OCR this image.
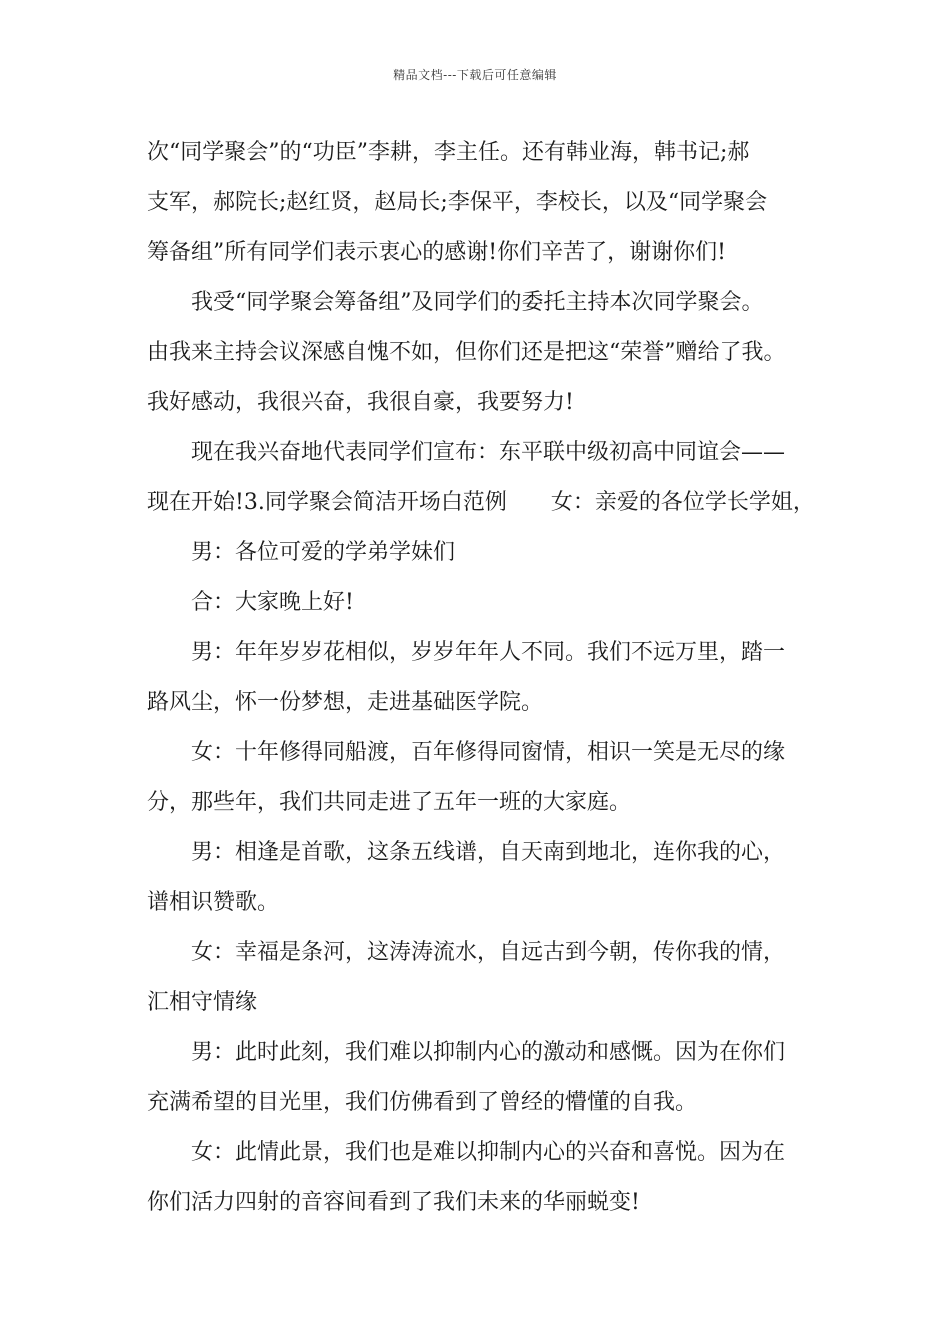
精品文档---下载后可任意编辑
次“同学聚会”的“功臣”李耕，李主任。还有韩业海，韩书记;郝
支军，郝院长;赵红贤，赵局长;李保平，李校长，以及“同学聚会
筹备组”所有同学们表示衷心的感谢!你们辛苦了，谢谢你们!
我受“同学聚会筹备组”及同学们的委托主持本次同学聚会。
由我来主持会议深感自愧不如，但你们还是把这“荣誉”赠给了我。
我好感动，我很兴奋，我很自豪，我要努力!
现在我兴奋地代表同学们宣布：东平联中级初高中同谊会——
现在开始!3.同学聚会简洁开场白范例　　女：亲爱的各位学长学姐，
男：各位可爱的学弟学妹们
合：大家晚上好!
男：年年岁岁花相似，岁岁年年人不同。我们不远万里，踏一
路风尘，怀一份梦想，走进基础医学院。
女：十年修得同船渡，百年修得同窗情，相识一笑是无尽的缘
分，那些年，我们共同走进了五年一班的大家庭。
男：相逢是首歌，这条五线谱，自天南到地北，连你我的心，
谱相识赞歌。
女：幸福是条河，这涛涛流水，自远古到今朝，传你我的情，
汇相守情缘
男：此时此刻，我们难以抑制内心的激动和感慨。因为在你们
充满希望的目光里，我们仿佛看到了曾经的懵懂的自我。
女：此情此景，我们也是难以抑制内心的兴奋和喜悦。因为在
你们活力四射的音容间看到了我们未来的华丽蜕变!
